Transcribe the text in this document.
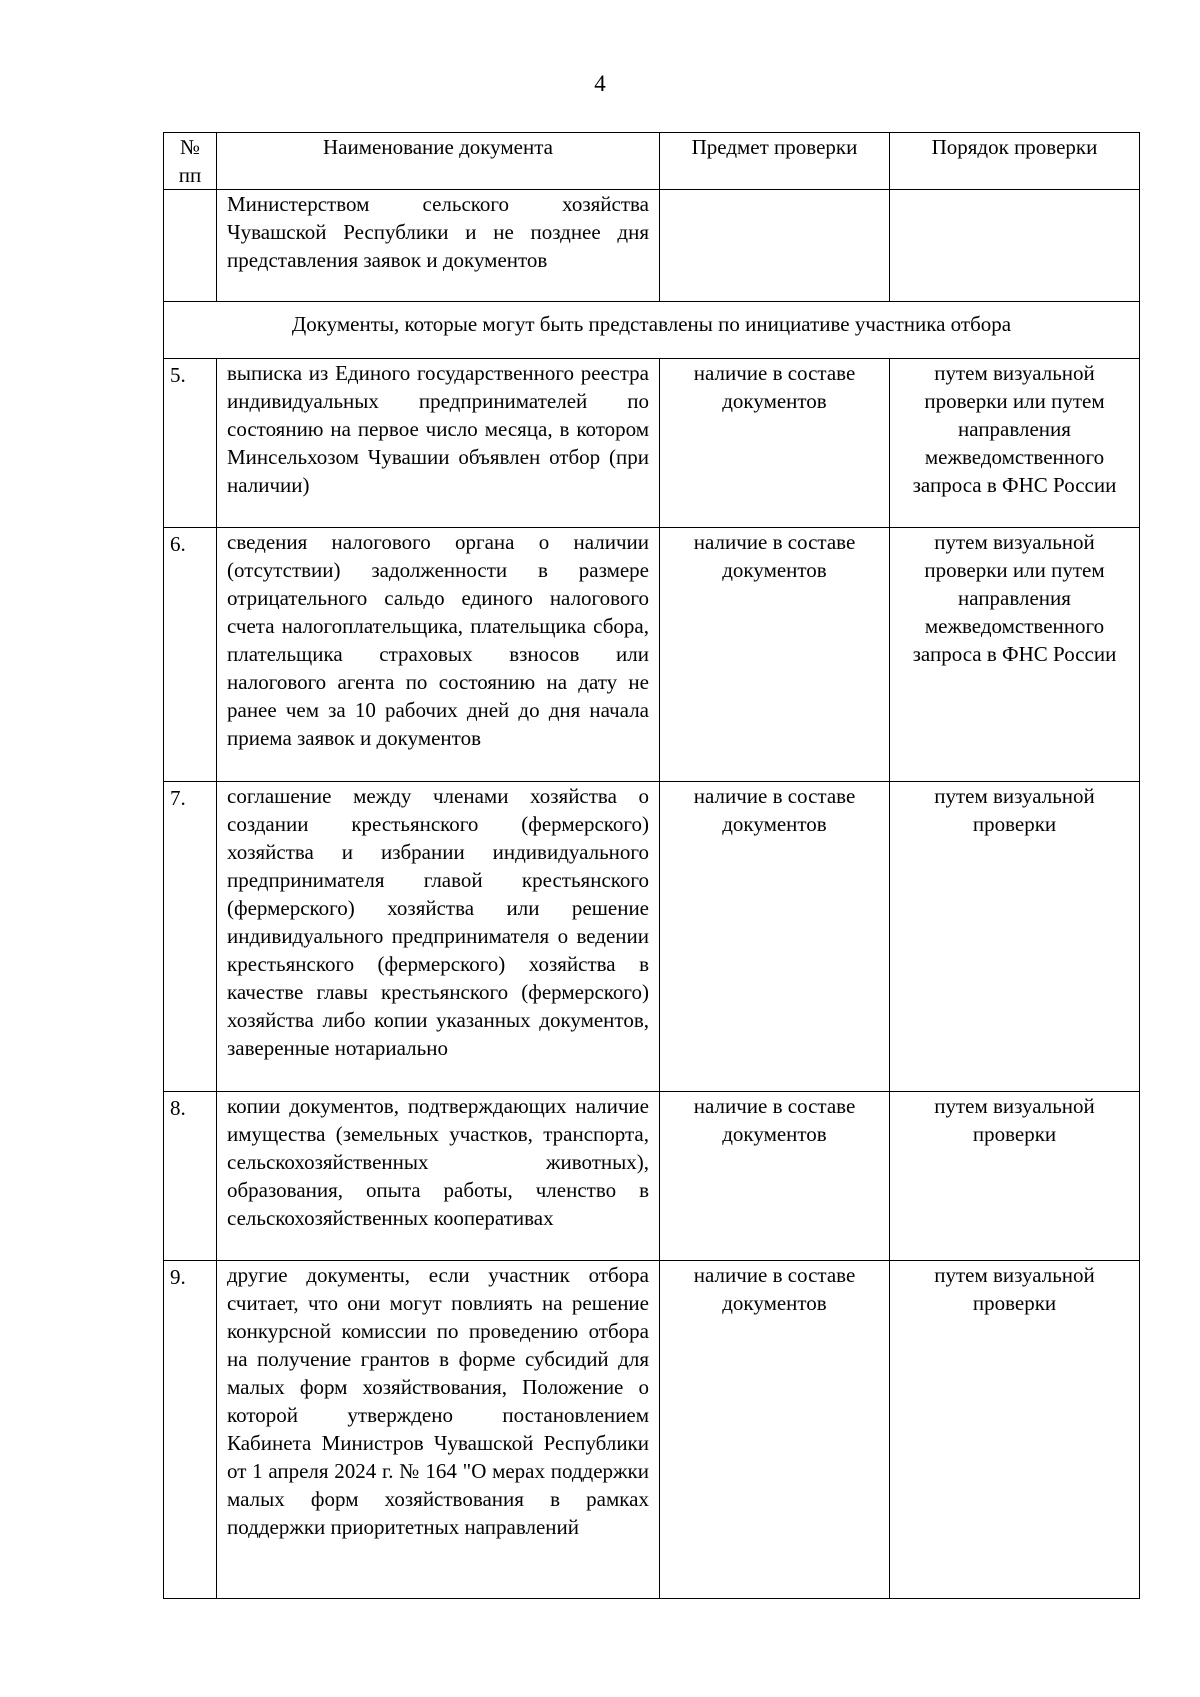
4
№ пп	Наименование документа	Предмет проверки	Порядок проверки
	Министерством сельского хозяйства Чувашской Республики и не позднее дня представления заявок и документов		
Документы, которые могут быть представлены по инициативе участника отбора			
5.	выписка из Единого государственного реестра индивидуальных предпринимателей по состоянию на первое число месяца, в котором Минсельхозом Чувашии объявлен отбор (при наличии)	наличие в составе документов	путем визуальной проверки или путем направления межведомственного запроса в ФНС России
6.	сведения налогового органа о наличии (отсутствии) задолженности в размере отрицательного сальдо единого налогового счета налогоплательщика, плательщика сбора, плательщика страховых взносов или налогового агента по состоянию на дату не ранее чем за 10 рабочих дней до дня начала приема заявок и документов	наличие в составе документов	путем визуальной проверки или путем направления межведомственного запроса в ФНС России
7.	соглашение между членами хозяйства о создании крестьянского (фермерского) хозяйства и избрании индивидуального предпринимателя главой крестьянского (фермерского) хозяйства или решение индивидуального предпринимателя о ведении крестьянского (фермерского) хозяйства в качестве главы крестьянского (фермерского) хозяйства либо копии указанных документов, заверенные нотариально	наличие в составе документов	путем визуальной проверки
8.	копии документов, подтверждающих наличие имущества (земельных участков, транспорта, сельскохозяйственных животных), образования, опыта работы, членство в сельскохозяйственных кооперативах	наличие в составе документов	путем визуальной проверки
9.	другие документы, если участник отбора считает, что они могут повлиять на решение конкурсной комиссии по проведению отбора на получение грантов в форме субсидий для малых форм хозяйствования, Положение о которой утверждено постановлением Кабинета Министров Чувашской Республики от 1 апреля 2024 г. № 164 "О мерах поддержки малых форм хозяйствования в рамках поддержки приоритетных направлений	наличие в составе документов	путем визуальной проверки
